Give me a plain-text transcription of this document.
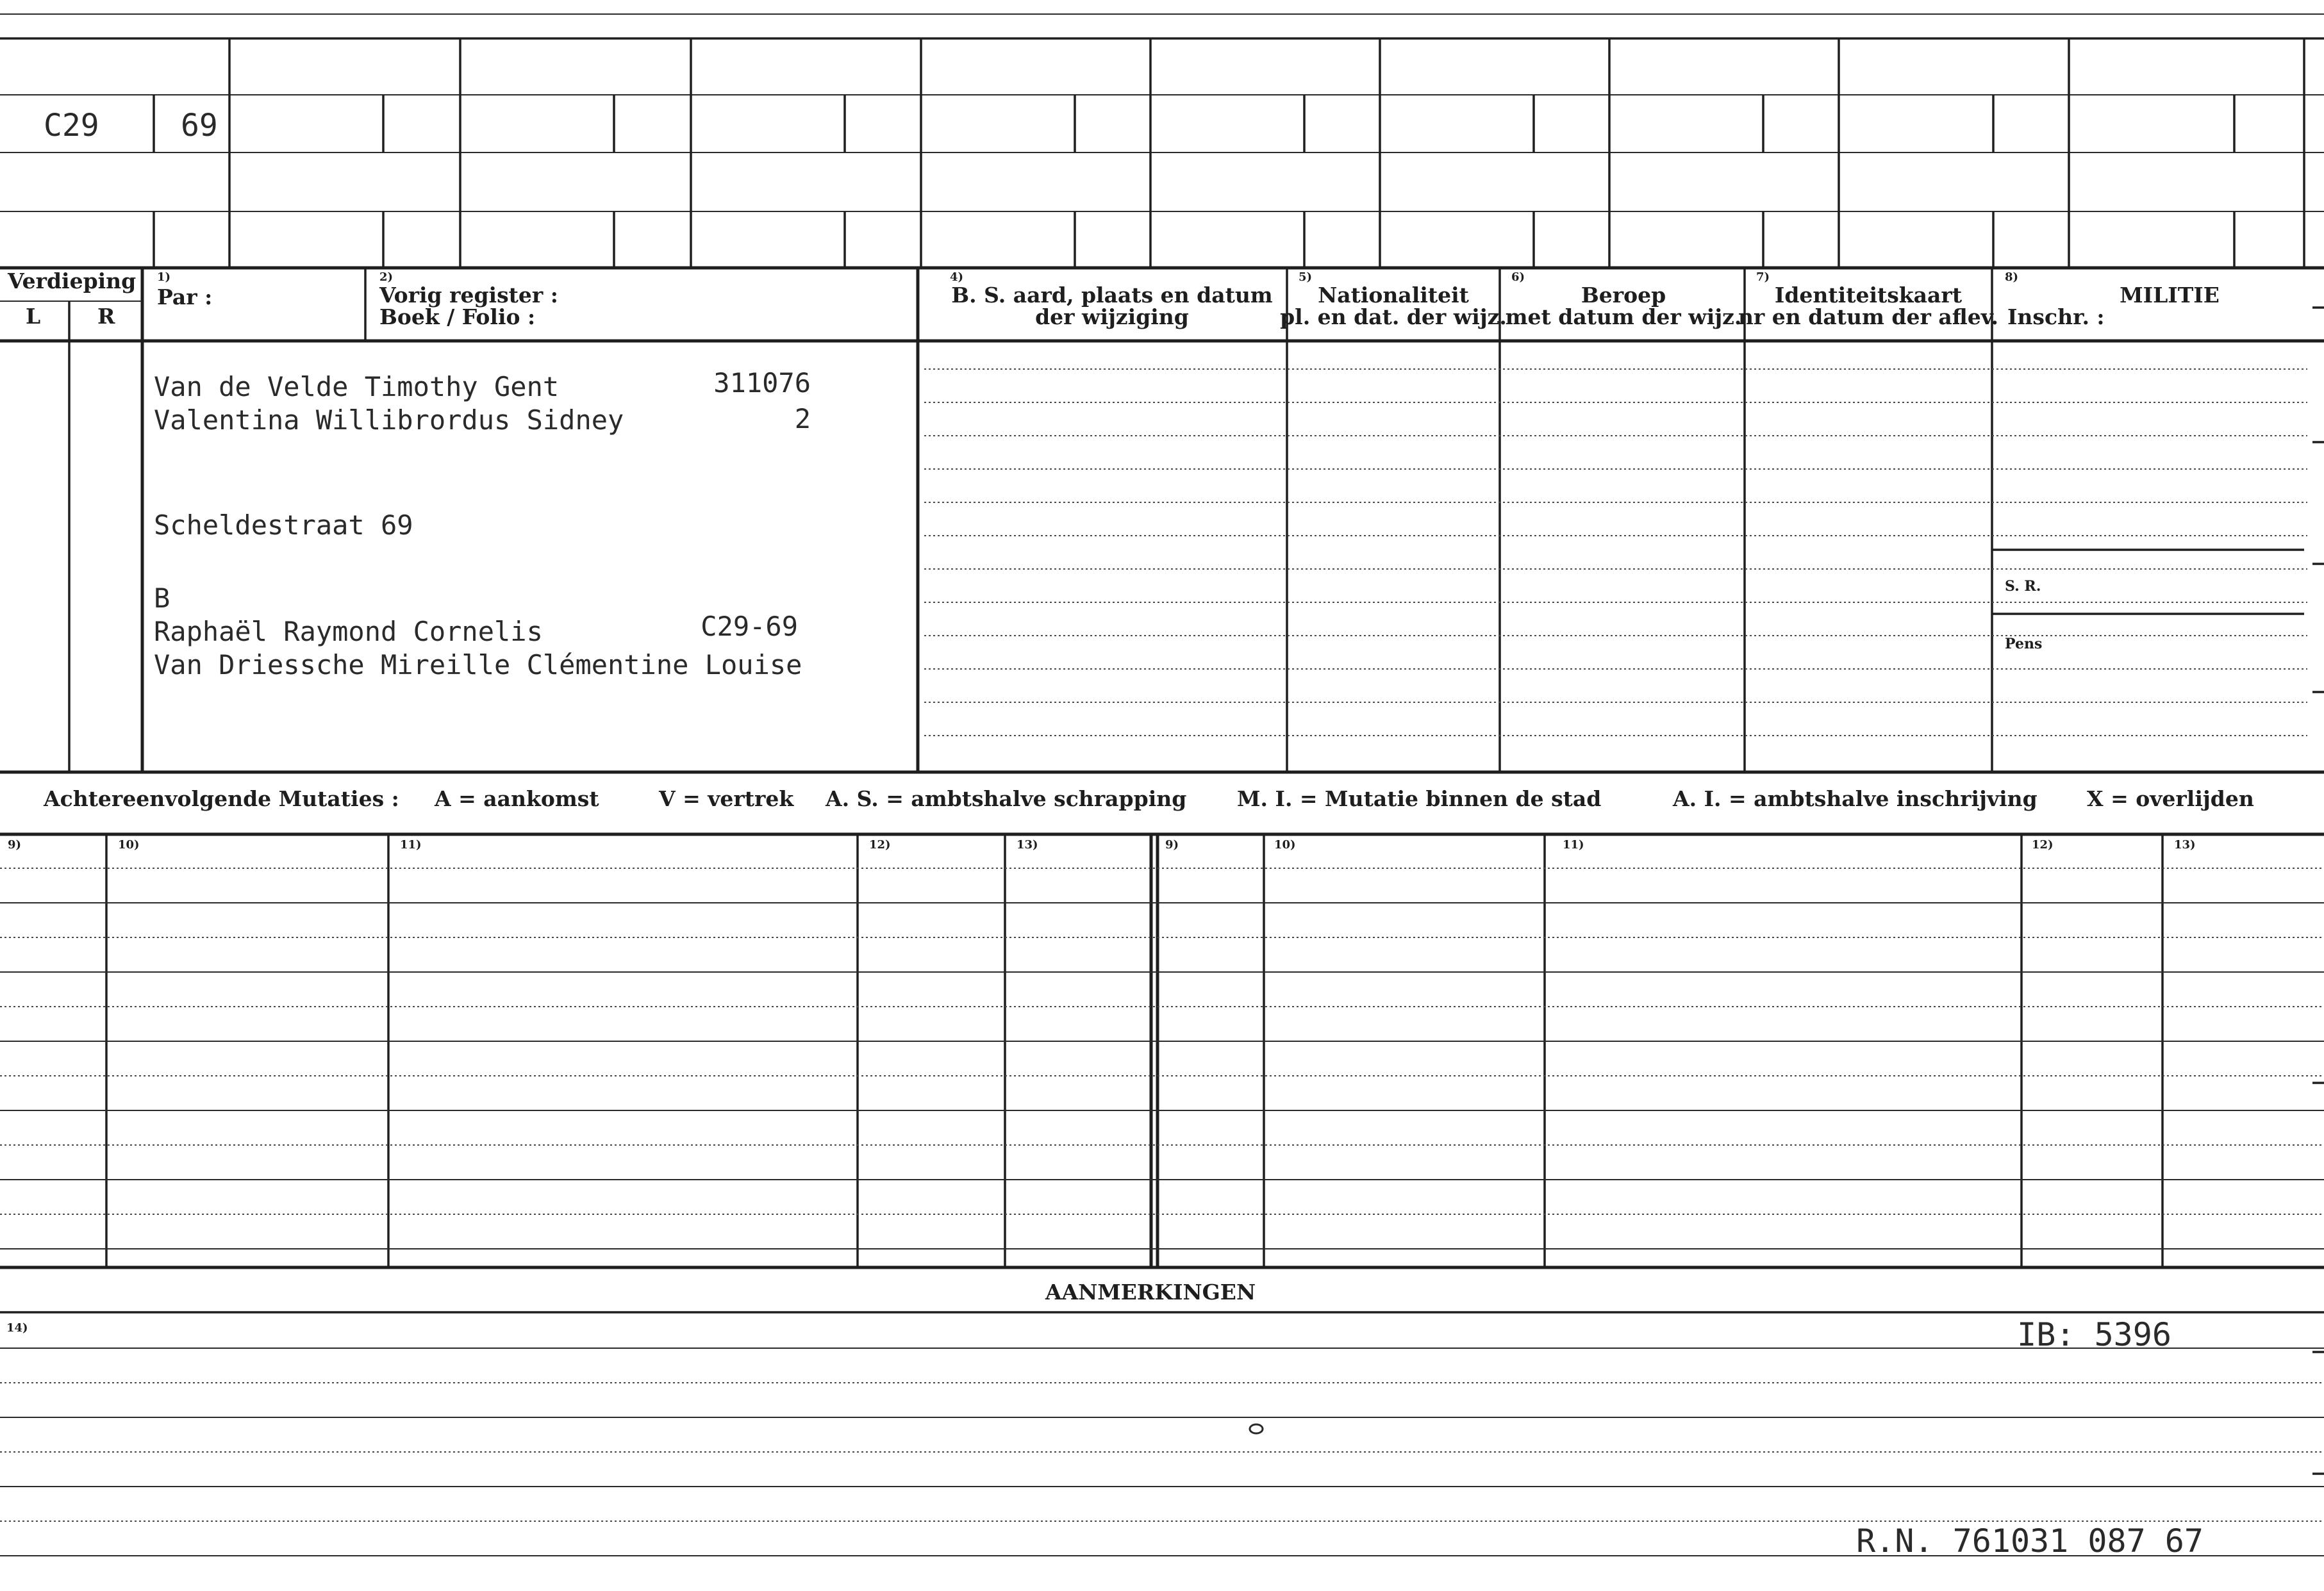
C29	69
Verdieping
L	R
1)
Par :
2)
Vorig register :
Boek / Folio :
4)
B. S. aard, plaats en datum
der wijziging
5)
Nationaliteit
pl. en dat. der wijz.
6)
Beroep
met datum der wijz.
7)
Identiteitskaart
nr en datum der aflev.
8)
MILITIE
Inschr. :
S. R.
Pens
Van de Velde Timothy Gent	311076
Valentina Willibrordus Sidney	2
Scheldestraat 69
B
Raphaël Raymond Cornelis	C29-69
Van Driessche Mireille Clémentine Louise
Achtereenvolgende Mutaties : A = aankomst	V = vertrek A. S. = ambtshalve schrapping M. I. = Mutatie binnen de stad	A. I. = ambtshalve inschrijving X = overlijden
9)	10)	11)	12)	13)	9)	10)	11)	12)	13)
AANMERKINGEN
14)	IB: 5396
R.N. 761031 087 67
